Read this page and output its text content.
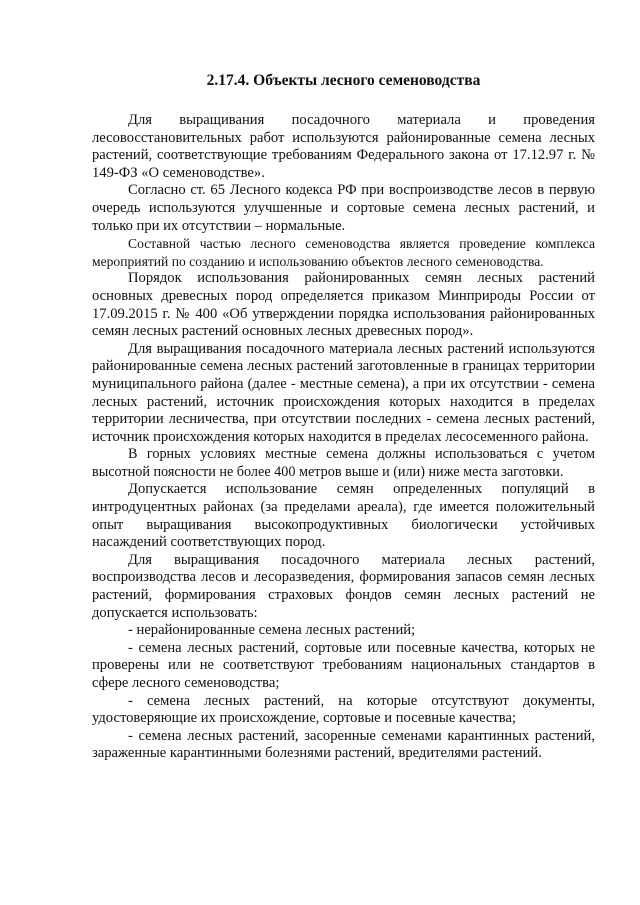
2.17.4. Объекты лесного семеноводства

Для выращивания посадочного материала и проведения лесовосстановительных работ используются районированные семена лесных растений, соответствующие требованиям Федерального закона от 17.12.97 г. № 149-ФЗ «О семеноводстве».

Согласно ст. 65 Лесного кодекса РФ при воспроизводстве лесов в первую очередь используются улучшенные и сортовые семена лесных растений, и только при их отсутствии – нормальные.

Составной частью лесного семеноводства является проведение комплекса мероприятий по созданию и использованию объектов лесного семеноводства.

Порядок использования районированных семян лесных растений основных древесных пород определяется приказом Минприроды России от 17.09.2015 г. № 400 «Об утверждении порядка использования районированных семян лесных растений основных лесных древесных пород».

Для выращивания посадочного материала лесных растений используются районированные семена лесных растений заготовленные в границах территории муниципального района (далее - местные семена), а при их отсутствии - семена лесных растений, источник происхождения которых находится в пределах территории лесничества, при отсутствии последних - семена лесных растений, источник происхождения которых находится в пределах лесосеменного района.

В горных условиях местные семена должны использоваться с учетом высотной поясности не более 400 метров выше и (или) ниже места заготовки.

Допускается использование семян определенных популяций в интродуцентных районах (за пределами ареала), где имеется положительный опыт выращивания высокопродуктивных биологически устойчивых насаждений соответствующих пород.

Для выращивания посадочного материала лесных растений, воспроизводства лесов и лесоразведения, формирования запасов семян лесных растений, формирования страховых фондов семян лесных растений не допускается использовать:

- нерайонированные семена лесных растений;

- семена лесных растений, сортовые или посевные качества, которых не проверены или не соответствуют требованиям национальных стандартов в сфере лесного семеноводства;

- семена лесных растений, на которые отсутствуют документы, удостоверяющие их происхождение, сортовые и посевные качества;

- семена лесных растений, засоренные семенами карантинных растений, зараженные карантинными болезнями растений, вредителями растений.
